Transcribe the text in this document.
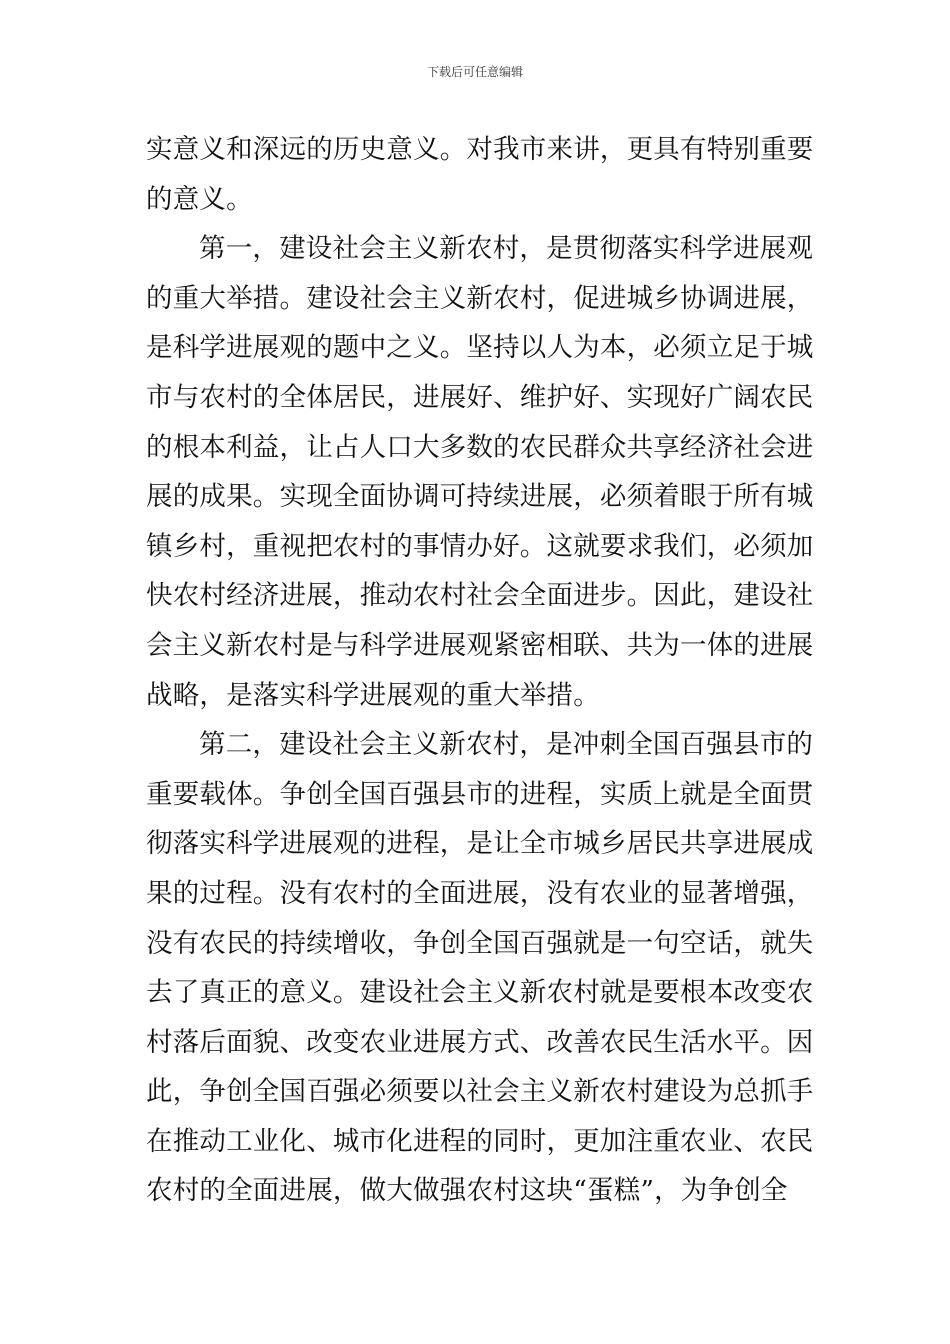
下载后可任意编辑
实意义和深远的历史意义。对我市来讲，更具有特别重要
的意义。
第一，建设社会主义新农村，是贯彻落实科学进展观
的重大举措。建设社会主义新农村，促进城乡协调进展，
是科学进展观的题中之义。坚持以人为本，必须立足于城
市与农村的全体居民，进展好、维护好、实现好广阔农民
的根本利益，让占人口大多数的农民群众共享经济社会进
展的成果。实现全面协调可持续进展，必须着眼于所有城
镇乡村，重视把农村的事情办好。这就要求我们，必须加
快农村经济进展，推动农村社会全面进步。因此，建设社
会主义新农村是与科学进展观紧密相联、共为一体的进展
战略，是落实科学进展观的重大举措。
第二，建设社会主义新农村，是冲刺全国百强县市的
重要载体。争创全国百强县市的进程，实质上就是全面贯
彻落实科学进展观的进程，是让全市城乡居民共享进展成
果的过程。没有农村的全面进展，没有农业的显著增强，
没有农民的持续增收，争创全国百强就是一句空话，就失
去了真正的意义。建设社会主义新农村就是要根本改变农
村落后面貌、改变农业进展方式、改善农民生活水平。因
此，争创全国百强必须要以社会主义新农村建设为总抓手
在推动工业化、城市化进程的同时，更加注重农业、农民
农村的全面进展，做大做强农村这块“蛋糕”，为争创全
